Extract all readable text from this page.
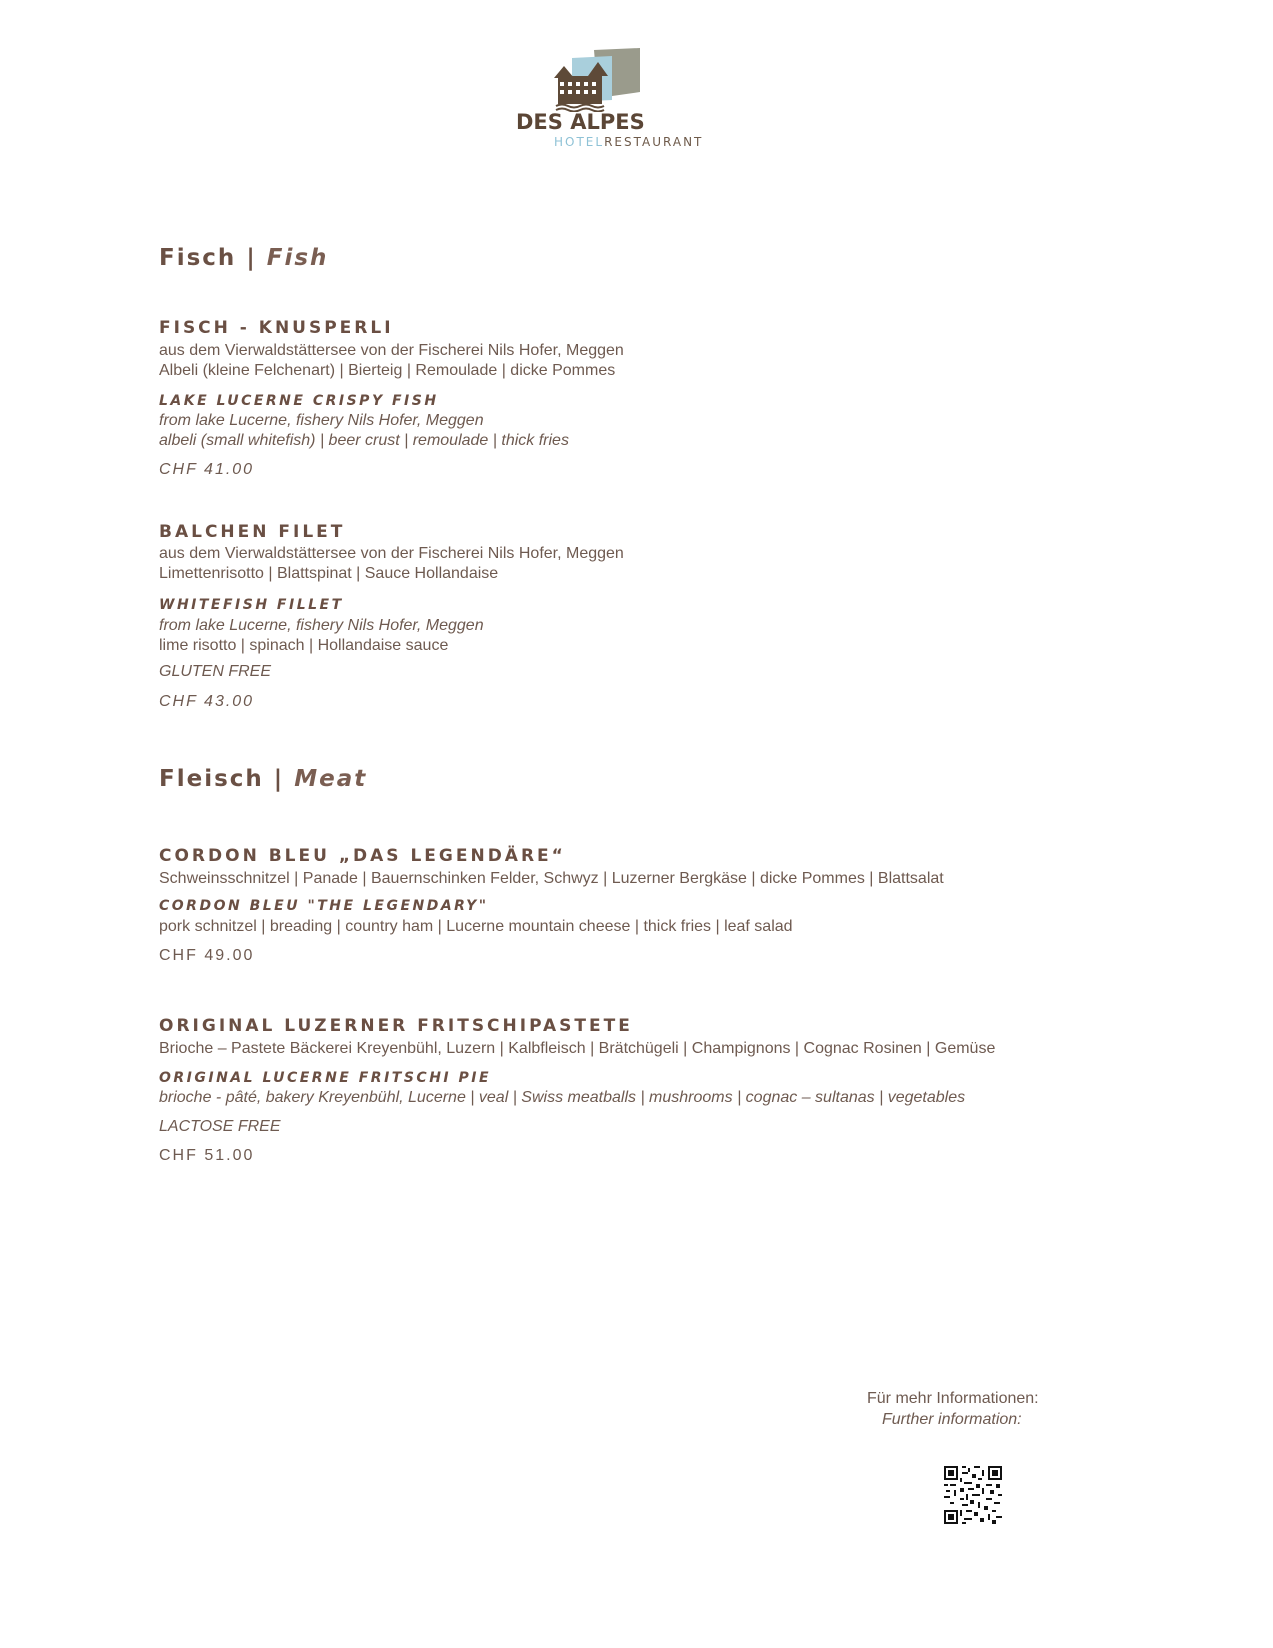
DES ALPES
HOTELRESTAURANT
Fisch | Fish
FISCH - KNUSPERLI
aus dem Vierwaldstättersee von der Fischerei Nils Hofer, Meggen
Albeli (kleine Felchenart) | Bierteig | Remoulade | dicke Pommes
LAKE LUCERNE CRISPY FISH
from lake Lucerne, fishery Nils Hofer, Meggen
albeli (small whitefish) | beer crust | remoulade | thick fries
CHF 41.00
BALCHEN FILET
aus dem Vierwaldstättersee von der Fischerei Nils Hofer, Meggen
Limettenrisotto | Blattspinat | Sauce Hollandaise
WHITEFISH FILLET
from lake Lucerne, fishery Nils Hofer, Meggen
lime risotto | spinach | Hollandaise sauce
GLUTEN FREE
CHF 43.00
Fleisch | Meat
CORDON BLEU „DAS LEGENDÄRE“
Schweinsschnitzel | Panade | Bauernschinken Felder, Schwyz | Luzerner Bergkäse | dicke Pommes | Blattsalat
CORDON BLEU "THE LEGENDARY"
pork schnitzel | breading | country ham | Lucerne mountain cheese | thick fries | leaf salad
CHF 49.00
ORIGINAL LUZERNER FRITSCHIPASTETE
Brioche – Pastete Bäckerei Kreyenbühl, Luzern | Kalbfleisch | Brätchügeli | Champignons | Cognac Rosinen | Gemüse
ORIGINAL LUCERNE FRITSCHI PIE
brioche - pâté, bakery Kreyenbühl, Lucerne | veal | Swiss meatballs | mushrooms | cognac – sultanas | vegetables
LACTOSE FREE
CHF 51.00
Für mehr Informationen:
Further information:
